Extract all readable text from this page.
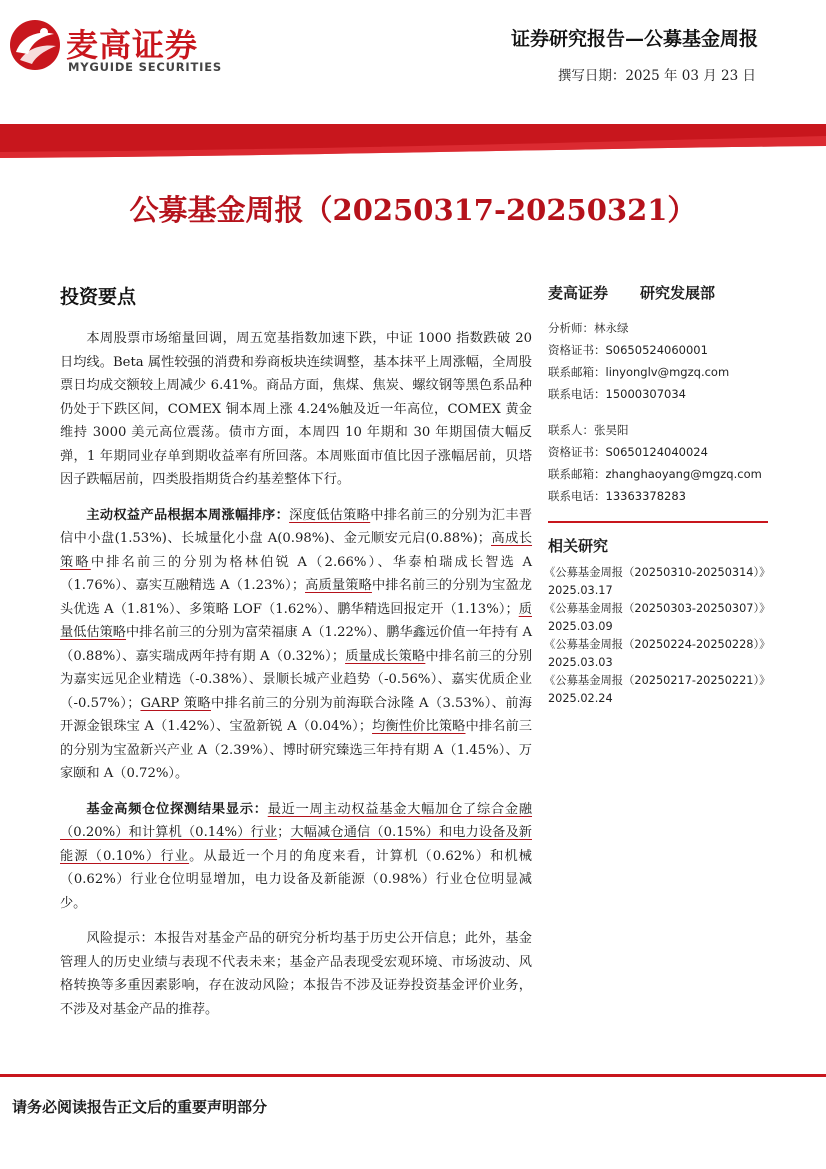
麦高证券
MYGUIDE SECURITIES
证券研究报告—公募基金周报
撰写日期：2025 年 03 月 23 日
公募基金周报（20250317-20250321）
投资要点

本周股票市场缩量回调，周五宽基指数加速下跌，中证 1000 指数跌破 20 日均线。Beta 属性较强的消费和券商板块连续调整，基本抹平上周涨幅，全周股票日均成交额较上周减少 6.41%。商品方面，焦煤、焦炭、螺纹钢等黑色系品种仍处于下跌区间，COMEX 铜本周上涨 4.24%触及近一年高位，COMEX 黄金维持 3000 美元高位震荡。债市方面，本周四 10 年期和 30 年期国债大幅反弹，1 年期同业存单到期收益率有所回落。本周账面市值比因子涨幅居前，贝塔因子跌幅居前，四类股指期货合约基差整体下行。

主动权益产品根据本周涨幅排序：深度低估策略中排名前三的分别为汇丰晋信中小盘(1.53%)、长城量化小盘 A(0.98%)、金元顺安元启(0.88%)；高成长策略中排名前三的分别为格林伯锐 A（2.66%）、华泰柏瑞成长智选 A（1.76%）、嘉实互融精选 A（1.23%）；高质量策略中排名前三的分别为宝盈龙头优选 A（1.81%）、多策略 LOF（1.62%）、鹏华精选回报定开（1.13%）；质量低估策略中排名前三的分别为富荣福康 A（1.22%）、鹏华鑫远价值一年持有 A（0.88%）、嘉实瑞成两年持有期 A（0.32%）；质量成长策略中排名前三的分别为嘉实远见企业精选（-0.38%）、景顺长城产业趋势（-0.56%）、嘉实优质企业（-0.57%）；GARP 策略中排名前三的分别为前海联合泳隆 A（3.53%）、前海开源金银珠宝 A（1.42%）、宝盈新锐 A（0.04%）；均衡性价比策略中排名前三的分别为宝盈新兴产业 A（2.39%）、博时研究臻选三年持有期 A（1.45%）、万家颐和 A（0.72%）。

基金高频仓位探测结果显示：最近一周主动权益基金大幅加仓了综合金融（0.20%）和计算机（0.14%）行业；大幅减仓通信（0.15%）和电力设备及新能源（0.10%）行业。从最近一个月的角度来看，计算机（0.62%）和机械（0.62%）行业仓位明显增加，电力设备及新能源（0.98%）行业仓位明显减少。

风险提示：本报告对基金产品的研究分析均基于历史公开信息；此外，基金管理人的历史业绩与表现不代表未来；基金产品表现受宏观环境、市场波动、风格转换等多重因素影响，存在波动风险；本报告不涉及证券投资基金评价业务，不涉及对基金产品的推荐。

麦高证券 研究发展部
分析师：林永绿
资格证书：S0650524060001
联系邮箱：linyonglv@mgzq.com
联系电话：15000307034
联系人：张昊阳
资格证书：S0650124040024
联系邮箱：zhanghaoyang@mgzq.com
联系电话：13363378283
相关研究
《公募基金周报（20250310-20250314）》
2025.03.17
《公募基金周报（20250303-20250307）》
2025.03.09
《公募基金周报（20250224-20250228）》
2025.03.03
《公募基金周报（20250217-20250221）》
2025.02.24
请务必阅读报告正文后的重要声明部分
